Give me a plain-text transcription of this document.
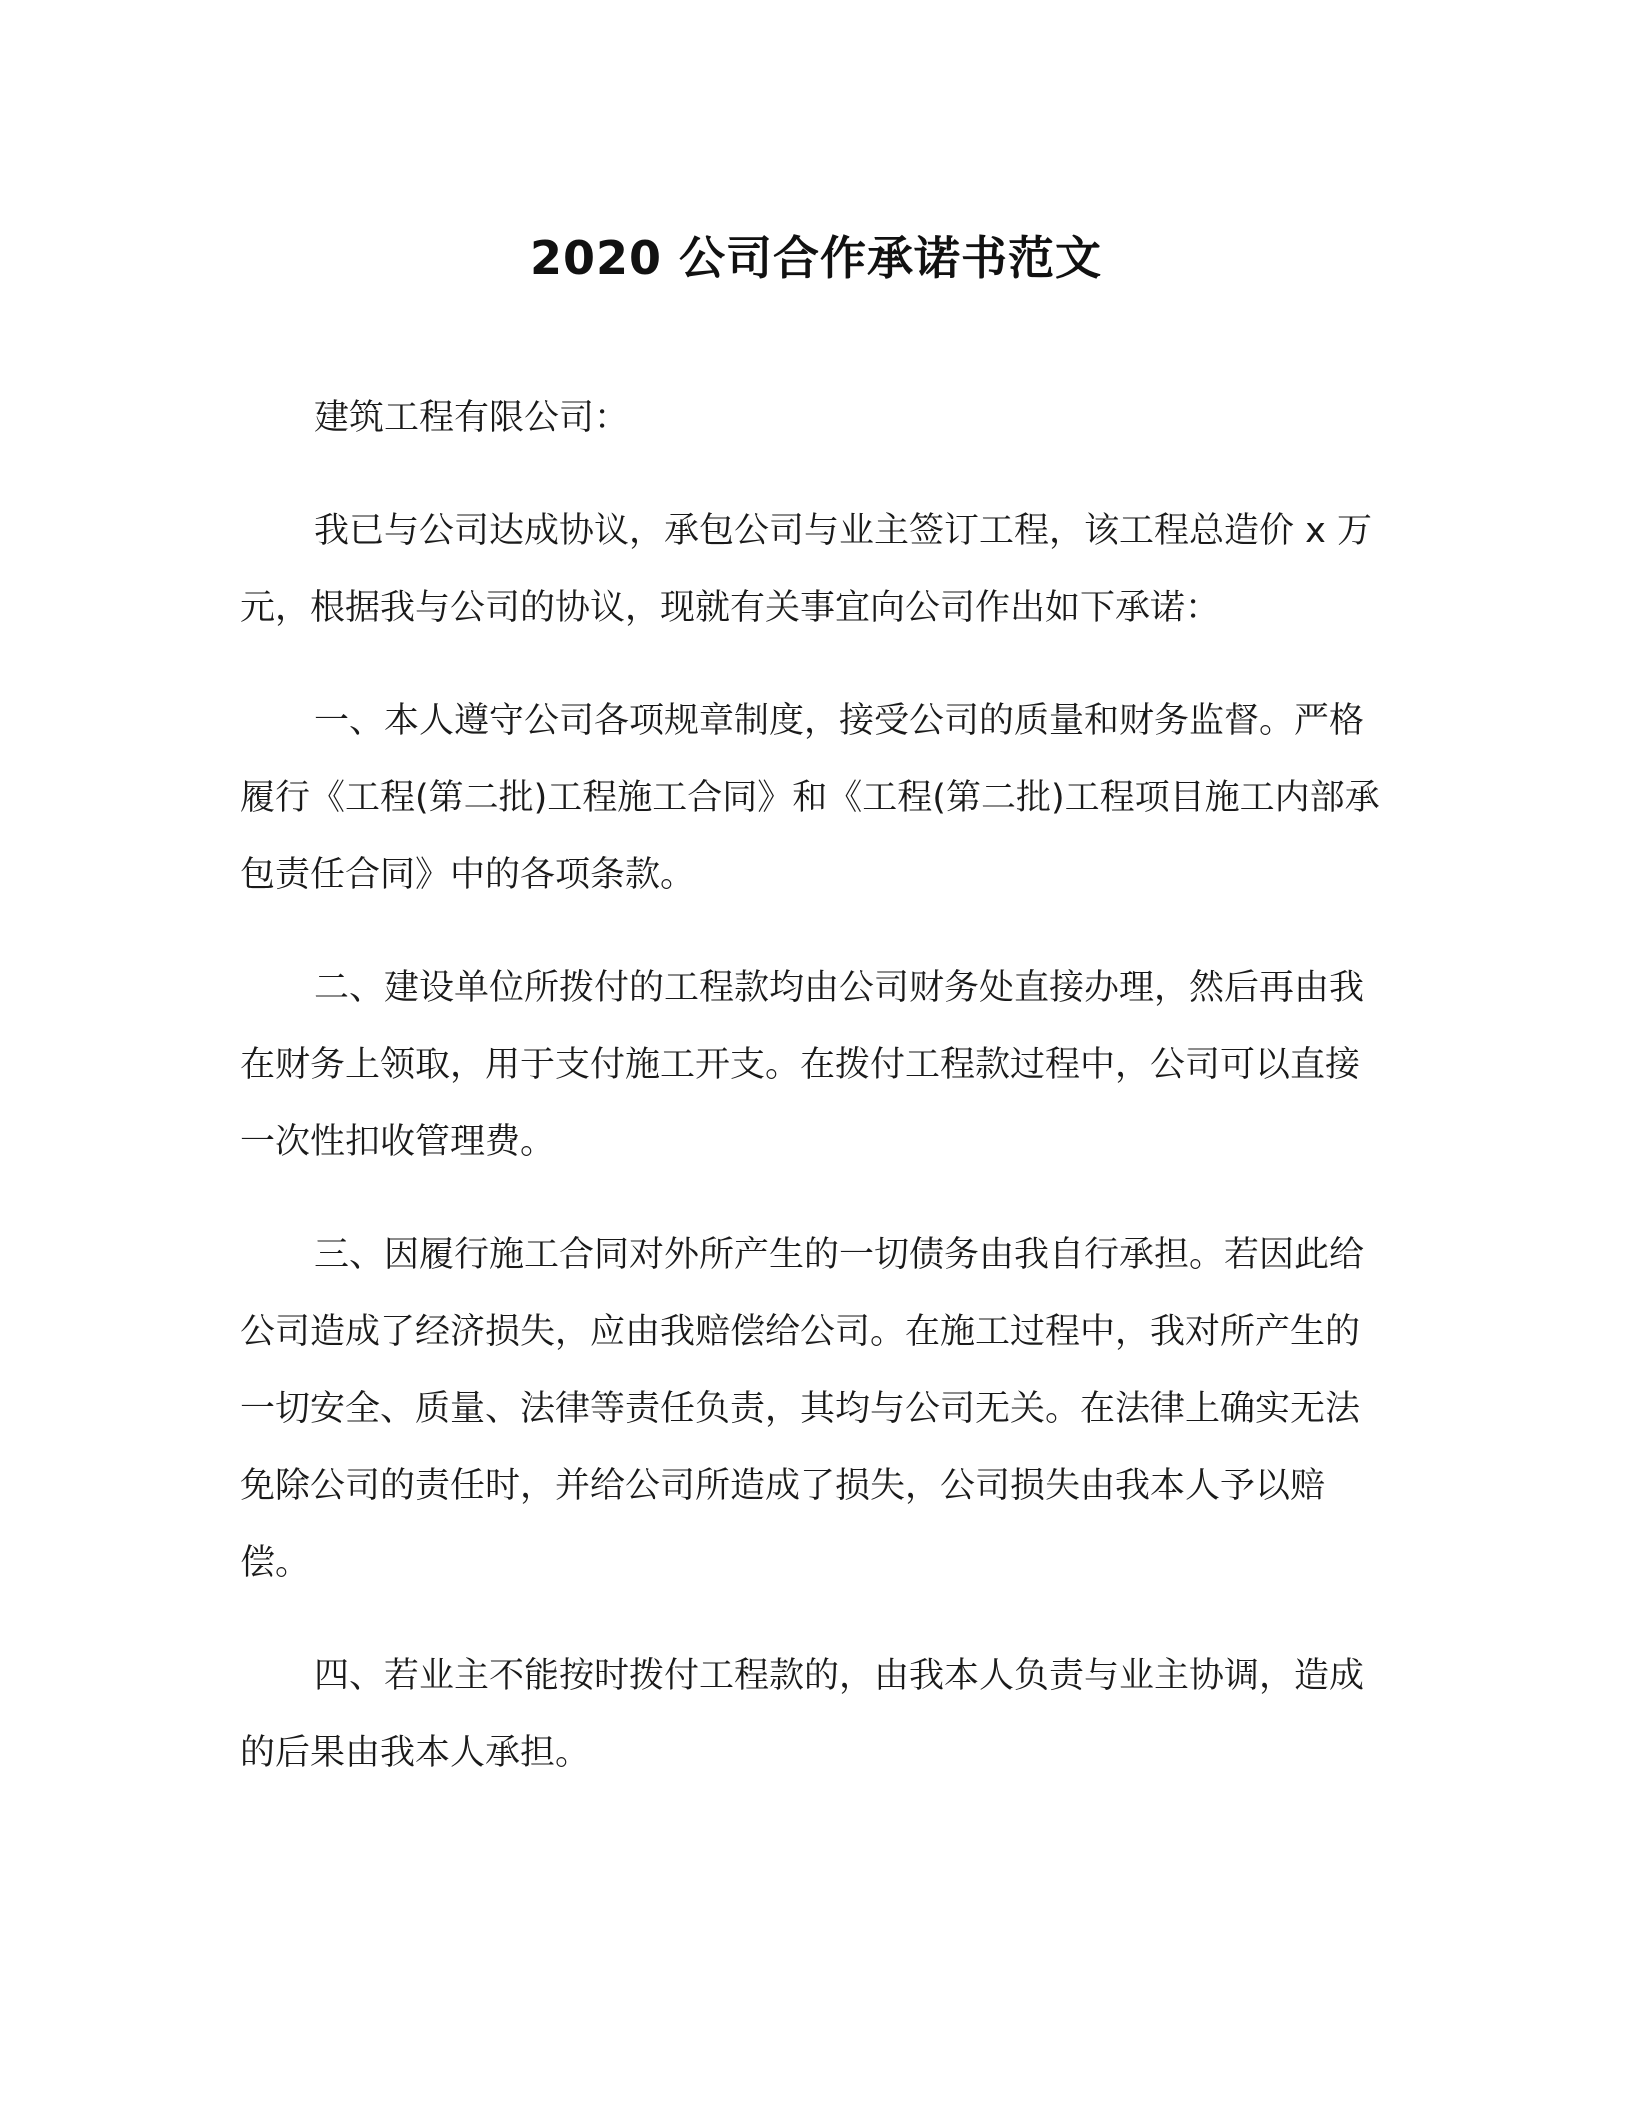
2020 公司合作承诺书范文

建筑工程有限公司：

我已与公司达成协议，承包公司与业主签订工程，该工程总造价 x 万元，根据我与公司的协议，现就有关事宜向公司作出如下承诺：

一、本人遵守公司各项规章制度，接受公司的质量和财务监督。严格履行《工程(第二批)工程施工合同》和《工程(第二批)工程项目施工内部承包责任合同》中的各项条款。

二、建设单位所拨付的工程款均由公司财务处直接办理，然后再由我在财务上领取，用于支付施工开支。在拨付工程款过程中，公司可以直接一次性扣收管理费。

三、因履行施工合同对外所产生的一切债务由我自行承担。若因此给公司造成了经济损失，应由我赔偿给公司。在施工过程中，我对所产生的一切安全、质量、法律等责任负责，其均与公司无关。在法律上确实无法免除公司的责任时，并给公司所造成了损失，公司损失由我本人予以赔偿。

四、若业主不能按时拨付工程款的，由我本人负责与业主协调，造成的后果由我本人承担。
